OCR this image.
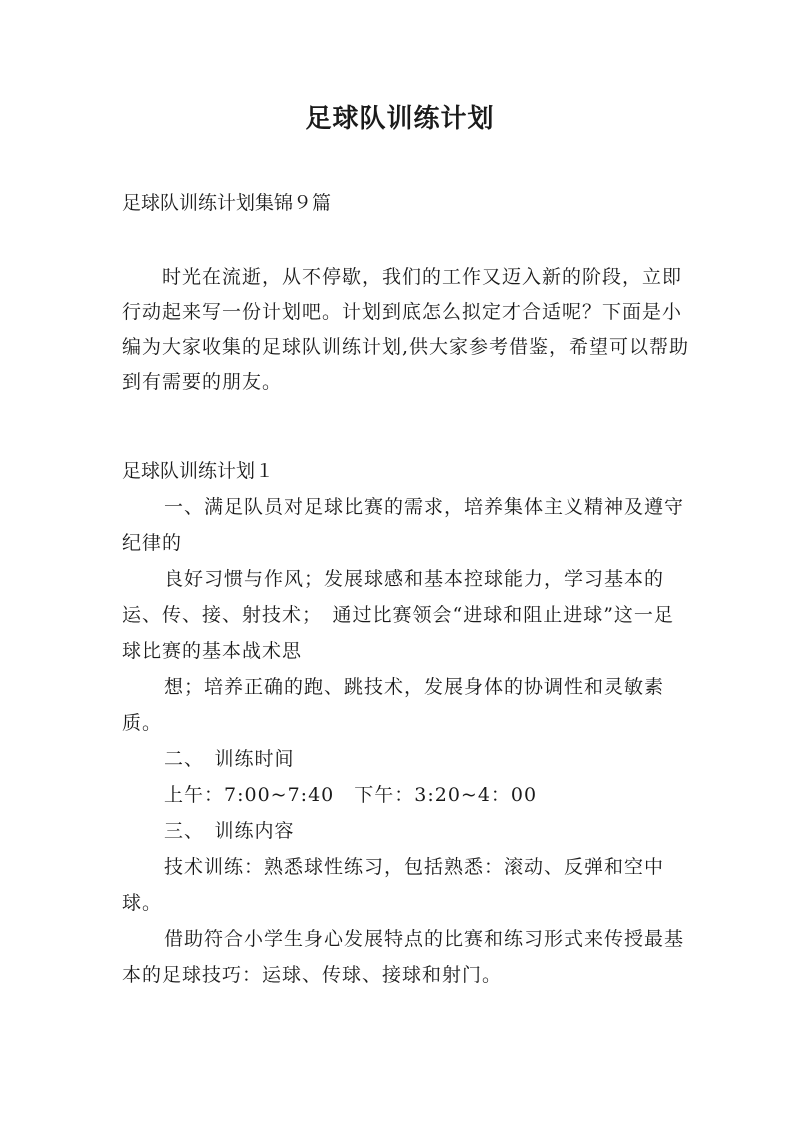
足球队训练计划

足球队训练计划集锦９篇

时光在流逝，从不停歇，我们的工作又迈入新的阶段，立即行动起来写一份计划吧。计划到底怎么拟定才合适呢？下面是小编为大家收集的足球队训练计划,供大家参考借鉴，希望可以帮助到有需要的朋友。

足球队训练计划１

一、满足队员对足球比赛的需求，培养集体主义精神及遵守纪律的

良好习惯与作风；发展球感和基本控球能力，学习基本的运、传、接、射技术；　通过比赛领会“进球和阻止进球”这一足球比赛的基本战术思

想；培养正确的跑、跳技术，发展身体的协调性和灵敏素质。

二、　训练时间

上午：7:00~7:40　下午：3:20~4：00

三、　训练内容

技术训练：熟悉球性练习，包括熟悉：滚动、反弹和空中球。

借助符合小学生身心发展特点的比赛和练习形式来传授最基本的足球技巧：运球、传球、接球和射门。
